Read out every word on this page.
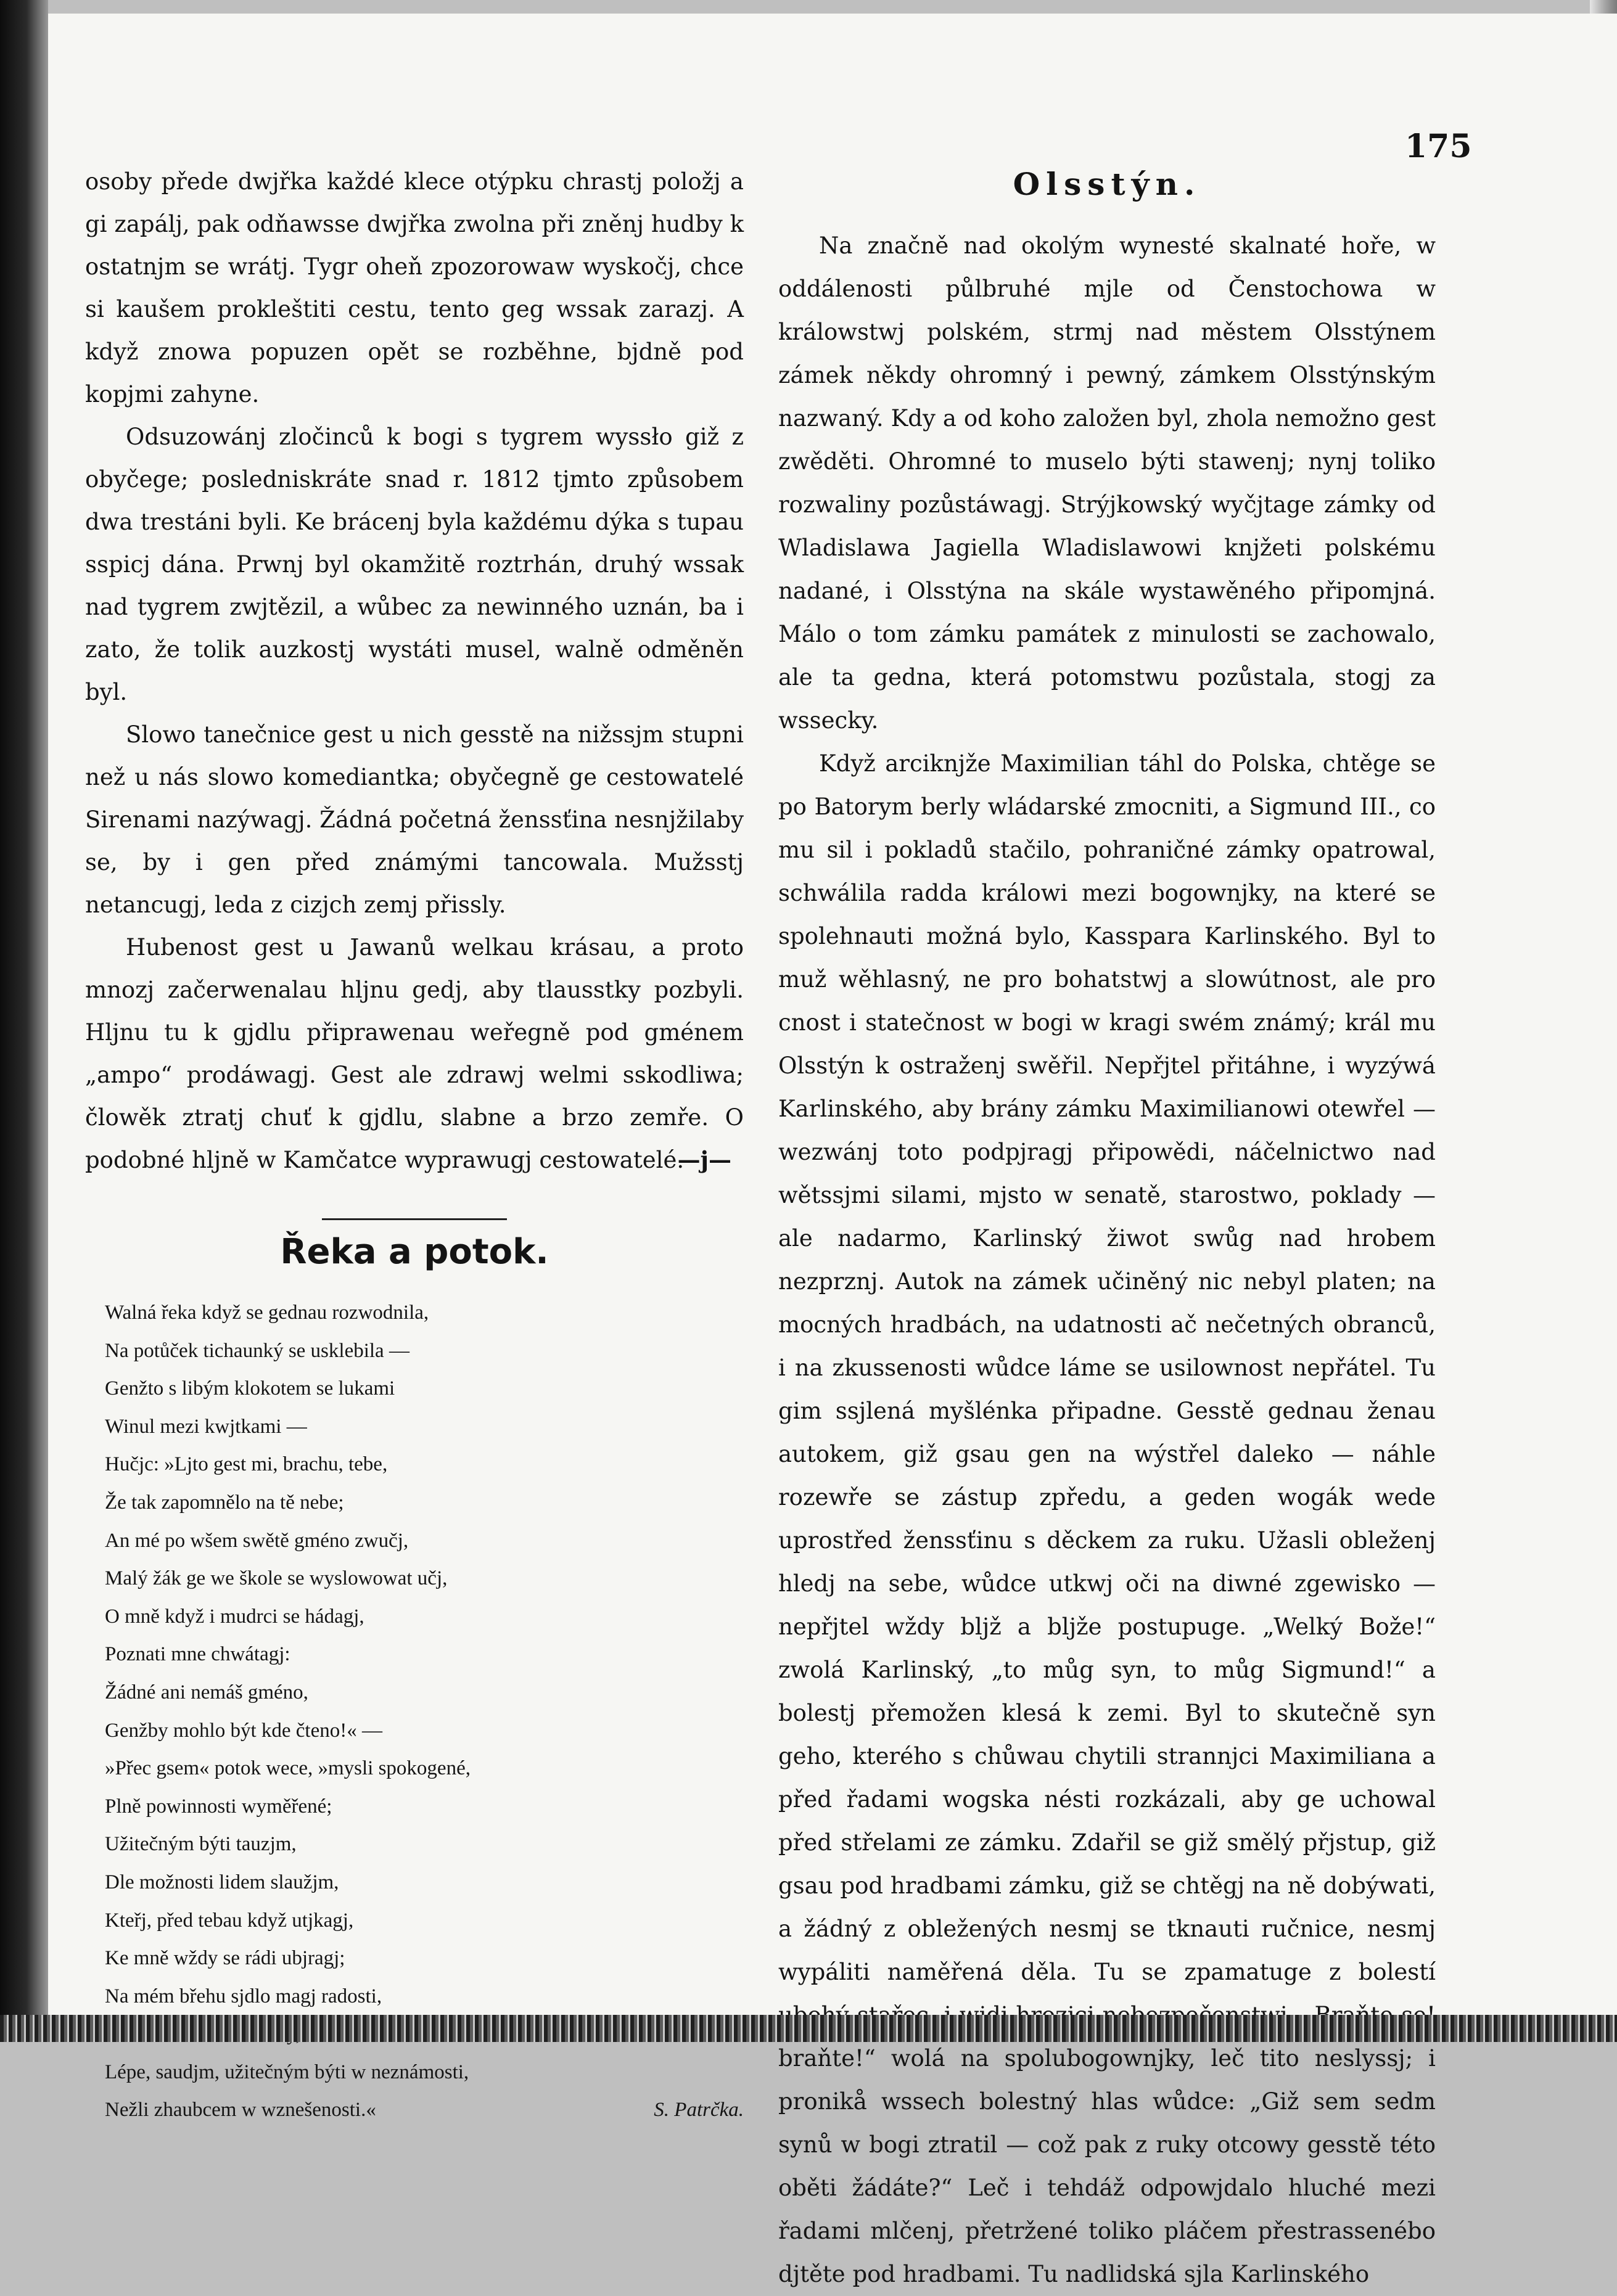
175

osoby přede dwjřka každé klece otýpku chrastj položj a gi zapálj, pak odňawsse dwjřka zwolna při zněnj hudby k ostatnjm se wrátj. Tygr oheň zpozorowaw wyskočj, chce si kaušem prokleštiti cestu, tento geg wssak zarazj. A když znowa popuzen opět se rozběhne, bjdně pod kopjmi zahyne.

Odsuzowánj zločinců k bogi s tygrem wyssło giž z obyčege; posledniskráte snad r. 1812 tjmto způsobem dwa trestáni byli. Ke brácenj byla každému dýka s tupau sspicj dána. Prwnj byl okamžitě roztrhán, druhý wssak nad tygrem zwjtězil, a wůbec za newinného uznán, ba i zato, že tolik auzkostj wystáti musel, walně odměněn byl.

Slowo tanečnice gest u nich gesstě na nižssjm stupni než u nás slowo komediantka; obyčegně ge cestowatelé Sirenami nazýwagj. Žádná početná ženssťina nesnjžilaby se, by i gen před známými tancowala. Mužsstj netancugj, leda z cizjch zemj přissly.

Hubenost gest u Jawanů welkau krásau, a proto mnozj začerwenalau hljnu gedj, aby tlausstky pozbyli. Hljnu tu k gjdlu připrawenau weřegně pod gménem „ampo“ prodáwagj. Gest ale zdrawj welmi sskodliwa; člowěk ztratj chuť k gjdlu, slabne a brzo zemře. O podobné hljně w Kamčatce wyprawugj cestowatelé.

—j—
Řeka a potok.
Walná řeka když se gednau rozwodnila,
Na potůček tichaunký se usklebila —
Genžto s libým klokotem se lukami
Winul mezi kwjtkami —
Hučjc: »Ljto gest mi, brachu, tebe,
Že tak zapomnělo na tě nebe;
An mé po wšem swětě gméno zwučj,
Malý žák ge we škole se wyslowowat učj,
O mně když i mudrci se hádagj,
Poznati mne chwátagj:
Žádné ani nemáš gméno,
Genžby mohlo být kde čteno!« —
»Přec gsem« potok wece, »mysli spokogené,
Plně powinnosti wyměřené;
Užitečným býti tauzjm,
Dle možnosti lidem slaužjm,
Kteřj, před tebau když utjkagj,
Ke mně wždy se rádi ubjragj;
Na mém břehu sjdlo magj radosti,
Lépe, saudjm, užitečným býti w neznámosti,
Nežli zhaubcem w wznešenosti.«	S. Patrčka.
Olsstýn.

Na značně nad okolým wynesté skalnaté hoře, w oddálenosti půlbruhé mjle od Čenstochowa w králowstwj polském, strmj nad městem Olsstýnem zámek někdy ohromný i pewný, zámkem Olsstýnským nazwaný. Kdy a od koho založen byl, zhola nemožno gest zwěděti. Ohromné to muselo býti stawenj; nynj toliko rozwaliny pozůstáwagj. Strýjkowský wyčjtage zámky od Wladislawa Jagiella Wladislawowi knjžeti polskému nadané, i Olsstýna na skále wystawěného připomjná. Málo o tom zámku památek z minulosti se zachowalo, ale ta gedna, která potomstwu pozůstala, stogj za wssecky.

Když arciknjže Maximilian táhl do Polska, chtěge se po Batorym berly wládarské zmocniti, a Sigmund III., co mu sil i pokladů stačilo, pohraničné zámky opatrowal, schwálila radda králowi mezi bogownjky, na které se spolehnauti možná bylo, Kasspara Karlinského. Byl to muž wěhlasný, ne pro bohatstwj a slowútnost, ale pro cnost i statečnost w bogi w kragi swém známý; král mu Olsstýn k ostraženj swěřil. Nepřjtel přitáhne, i wyzýwá Karlinského, aby brány zámku Maximilianowi otewřel — wezwánj toto podpjragj připowědi, náčelnictwo nad wětssjmi silami, mjsto w senatě, starostwo, poklady — ale nadarmo, Karlinský žiwot swůg nad hrobem nezprznj. Autok na zámek učiněný nic nebyl platen; na mocných hradbách, na udatnosti ač nečetných obranců, i na zkussenosti wůdce láme se usilownost nepřátel. Tu gim ssjlená myšlénka připadne. Gesstě gednau ženau autokem, giž gsau gen na wýstřel daleko — náhle rozewře se zástup zpředu, a geden wogák wede uprostřed ženssťinu s děckem za ruku. Užasli obleženj hledj na sebe, wůdce utkwj oči na diwné zgewisko — nepřjtel wždy bljž a bljže postupuge. „Welký Bože!“ zwolá Karlinský, „to můg syn, to můg Sigmund!“ a bolestj přemožen klesá k zemi. Byl to skutečně syn geho, kterého s chůwau chytili strannjci Maximiliana a před řadami wogska nésti rozkázali, aby ge uchowal před střelami ze zámku. Zdařil se giž smělý přjstup, giž gsau pod hradbami zámku, giž se chtěgj na ně dobýwati, a žádný z obležených nesmj se tknauti ručnice, nesmj wypáliti naměřená děla. Tu se zpamatuge z bolestí braňte!“ wolá na spolubogownjky, leč tito neslyssj; i pronikå wssech bolestný hlas wůdce: „Giž sem sedm synů w bogi ztratil — což pak z ruky otcowy gesstě této oběti žádáte?“ Leč i tehdáž odpowjdalo hluché mezi řadami mlčenj, přetržené toliko pláčem přestrassenébo djtěte pod hradbami. Tu nadlidská sjla Karlinského
